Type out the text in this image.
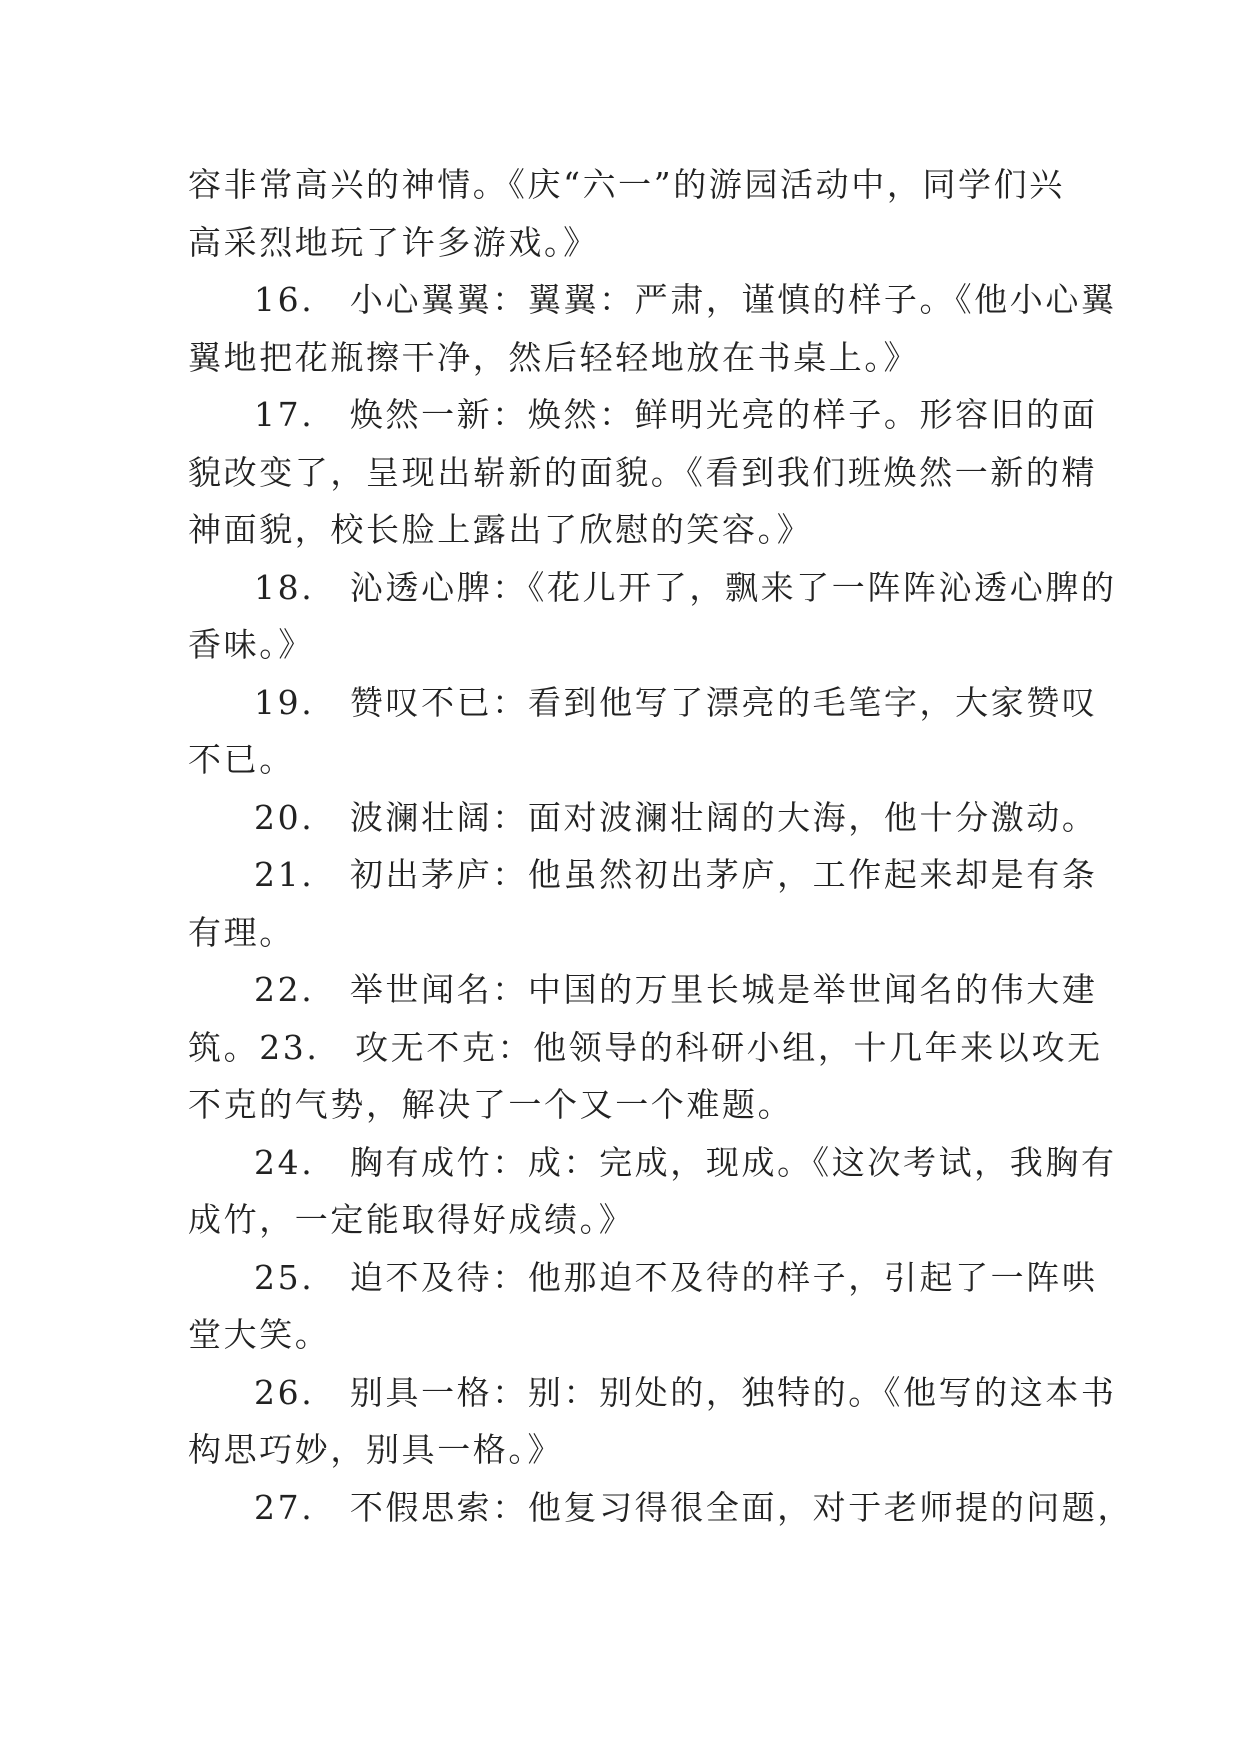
容非常高兴的神情。《庆“六一”的游园活动中，同学们兴
高采烈地玩了许多游戏。》
16.　小心翼翼：翼翼：严肃，谨慎的样子。《他小心翼
翼地把花瓶擦干净，然后轻轻地放在书桌上。》
17.　焕然一新：焕然：鲜明光亮的样子。形容旧的面
貌改变了，呈现出崭新的面貌。《看到我们班焕然一新的精
神面貌，校长脸上露出了欣慰的笑容。》
18.　沁透心脾：《花儿开了，飘来了一阵阵沁透心脾的
香味。》
19.　赞叹不已：看到他写了漂亮的毛笔字，大家赞叹
不已。
20.　波澜壮阔：面对波澜壮阔的大海，他十分激动。
21.　初出茅庐：他虽然初出茅庐，工作起来却是有条
有理。
22.　举世闻名：中国的万里长城是举世闻名的伟大建
筑。23.　攻无不克：他领导的科研小组，十几年来以攻无
不克的气势，解决了一个又一个难题。
24.　胸有成竹：成：完成，现成。《这次考试，我胸有
成竹，一定能取得好成绩。》
25.　迫不及待：他那迫不及待的样子，引起了一阵哄
堂大笑。
26.　别具一格：别：别处的，独特的。《他写的这本书
构思巧妙，别具一格。》
27.　不假思索：他复习得很全面，对于老师提的问题，
